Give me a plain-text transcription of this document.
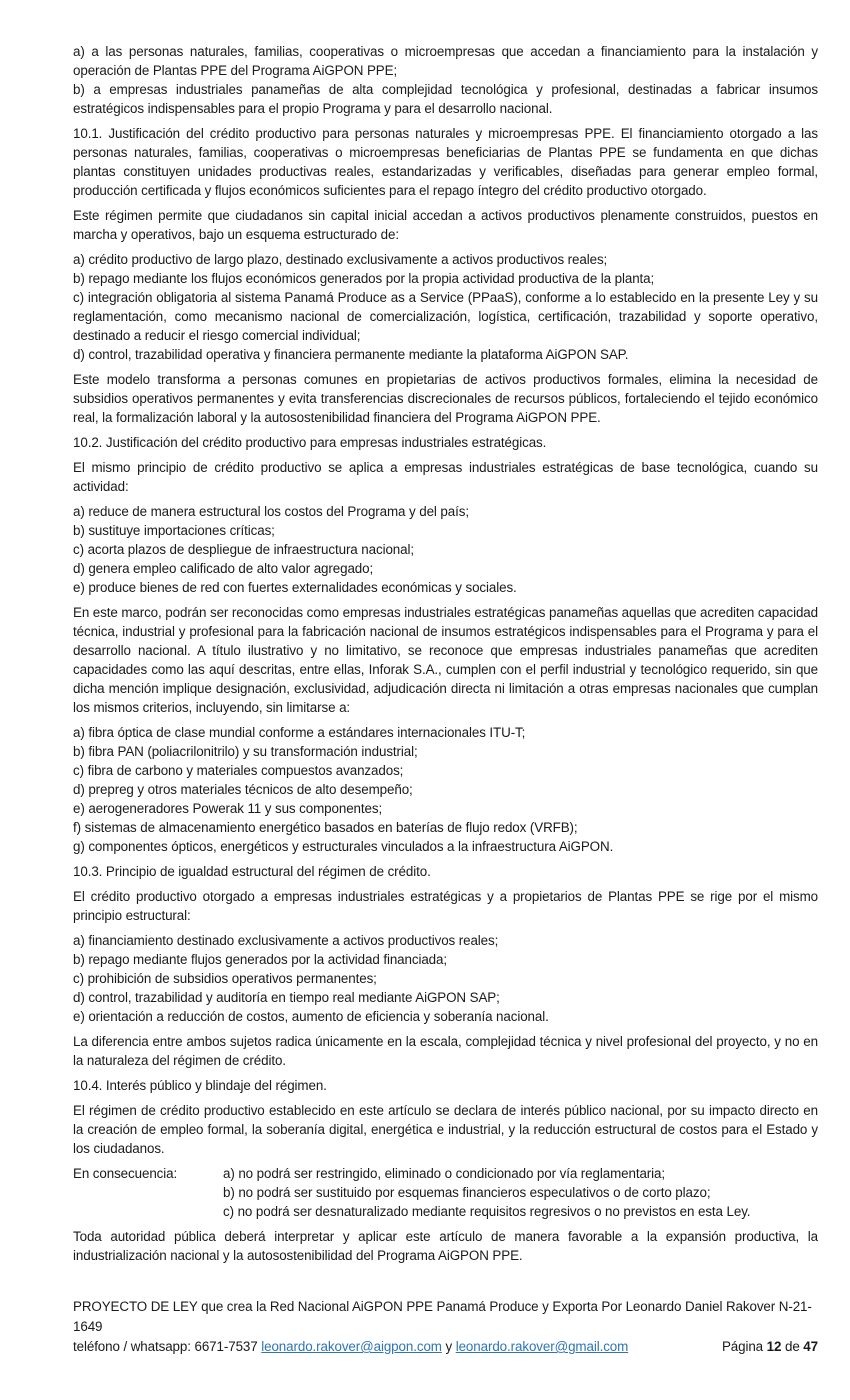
a) a las personas naturales, familias, cooperativas o microempresas que accedan a financiamiento para la instalación y operación de Plantas PPE del Programa AiGPON PPE;

b) a empresas industriales panameñas de alta complejidad tecnológica y profesional, destinadas a fabricar insumos estratégicos indispensables para el propio Programa y para el desarrollo nacional.

10.1. Justificación del crédito productivo para personas naturales y microempresas PPE. El financiamiento otorgado a las personas naturales, familias, cooperativas o microempresas beneficiarias de Plantas PPE se fundamenta en que dichas plantas constituyen unidades productivas reales, estandarizadas y verificables, diseñadas para generar empleo formal, producción certificada y flujos económicos suficientes para el repago íntegro del crédito productivo otorgado.

Este régimen permite que ciudadanos sin capital inicial accedan a activos productivos plenamente construidos, puestos en marcha y operativos, bajo un esquema estructurado de:

a) crédito productivo de largo plazo, destinado exclusivamente a activos productivos reales;

b) repago mediante los flujos económicos generados por la propia actividad productiva de la planta;

c) integración obligatoria al sistema Panamá Produce as a Service (PPaaS), conforme a lo establecido en la presente Ley y su reglamentación, como mecanismo nacional de comercialización, logística, certificación, trazabilidad y soporte operativo, destinado a reducir el riesgo comercial individual;

d) control, trazabilidad operativa y financiera permanente mediante la plataforma AiGPON SAP.

Este modelo transforma a personas comunes en propietarias de activos productivos formales, elimina la necesidad de subsidios operativos permanentes y evita transferencias discrecionales de recursos públicos, fortaleciendo el tejido económico real, la formalización laboral y la autosostenibilidad financiera del Programa AiGPON PPE.

10.2. Justificación del crédito productivo para empresas industriales estratégicas.

El mismo principio de crédito productivo se aplica a empresas industriales estratégicas de base tecnológica, cuando su actividad:

a) reduce de manera estructural los costos del Programa y del país;

b) sustituye importaciones críticas;

c) acorta plazos de despliegue de infraestructura nacional;

d) genera empleo calificado de alto valor agregado;

e) produce bienes de red con fuertes externalidades económicas y sociales.

En este marco, podrán ser reconocidas como empresas industriales estratégicas panameñas aquellas que acrediten capacidad técnica, industrial y profesional para la fabricación nacional de insumos estratégicos indispensables para el Programa y para el desarrollo nacional. A título ilustrativo y no limitativo, se reconoce que empresas industriales panameñas que acrediten capacidades como las aquí descritas, entre ellas, Inforak S.A., cumplen con el perfil industrial y tecnológico requerido, sin que dicha mención implique designación, exclusividad, adjudicación directa ni limitación a otras empresas nacionales que cumplan los mismos criterios, incluyendo, sin limitarse a:

a) fibra óptica de clase mundial conforme a estándares internacionales ITU-T;

b) fibra PAN (poliacrilonitrilo) y su transformación industrial;

c) fibra de carbono y materiales compuestos avanzados;

d) prepreg y otros materiales técnicos de alto desempeño;

e) aerogeneradores Powerak 11 y sus componentes;

f) sistemas de almacenamiento energético basados en baterías de flujo redox (VRFB);

g) componentes ópticos, energéticos y estructurales vinculados a la infraestructura AiGPON.

10.3. Principio de igualdad estructural del régimen de crédito.

El crédito productivo otorgado a empresas industriales estratégicas y a propietarios de Plantas PPE se rige por el mismo principio estructural:

a) financiamiento destinado exclusivamente a activos productivos reales;

b) repago mediante flujos generados por la actividad financiada;

c) prohibición de subsidios operativos permanentes;

d) control, trazabilidad y auditoría en tiempo real mediante AiGPON SAP;

e) orientación a reducción de costos, aumento de eficiencia y soberanía nacional.

La diferencia entre ambos sujetos radica únicamente en la escala, complejidad técnica y nivel profesional del proyecto, y no en la naturaleza del régimen de crédito.

10.4. Interés público y blindaje del régimen.

El régimen de crédito productivo establecido en este artículo se declara de interés público nacional, por su impacto directo en la creación de empleo formal, la soberanía digital, energética e industrial, y la reducción estructural de costos para el Estado y los ciudadanos.

En consecuencia:	a) no podrá ser restringido, eliminado o condicionado por vía reglamentaria;

b) no podrá ser sustituido por esquemas financieros especulativos o de corto plazo;

c) no podrá ser desnaturalizado mediante requisitos regresivos o no previstos en esta Ley.

Toda autoridad pública deberá interpretar y aplicar este artículo de manera favorable a la expansión productiva, la industrialización nacional y la autosostenibilidad del Programa AiGPON PPE.

PROYECTO DE LEY que crea la Red Nacional AiGPON PPE Panamá Produce y Exporta Por Leonardo Daniel Rakover N-21-1649

teléfono / whatsapp: 6671-7537 leonardo.rakover@aigpon.com y leonardo.rakover@gmail.com	Página 12 de 47
